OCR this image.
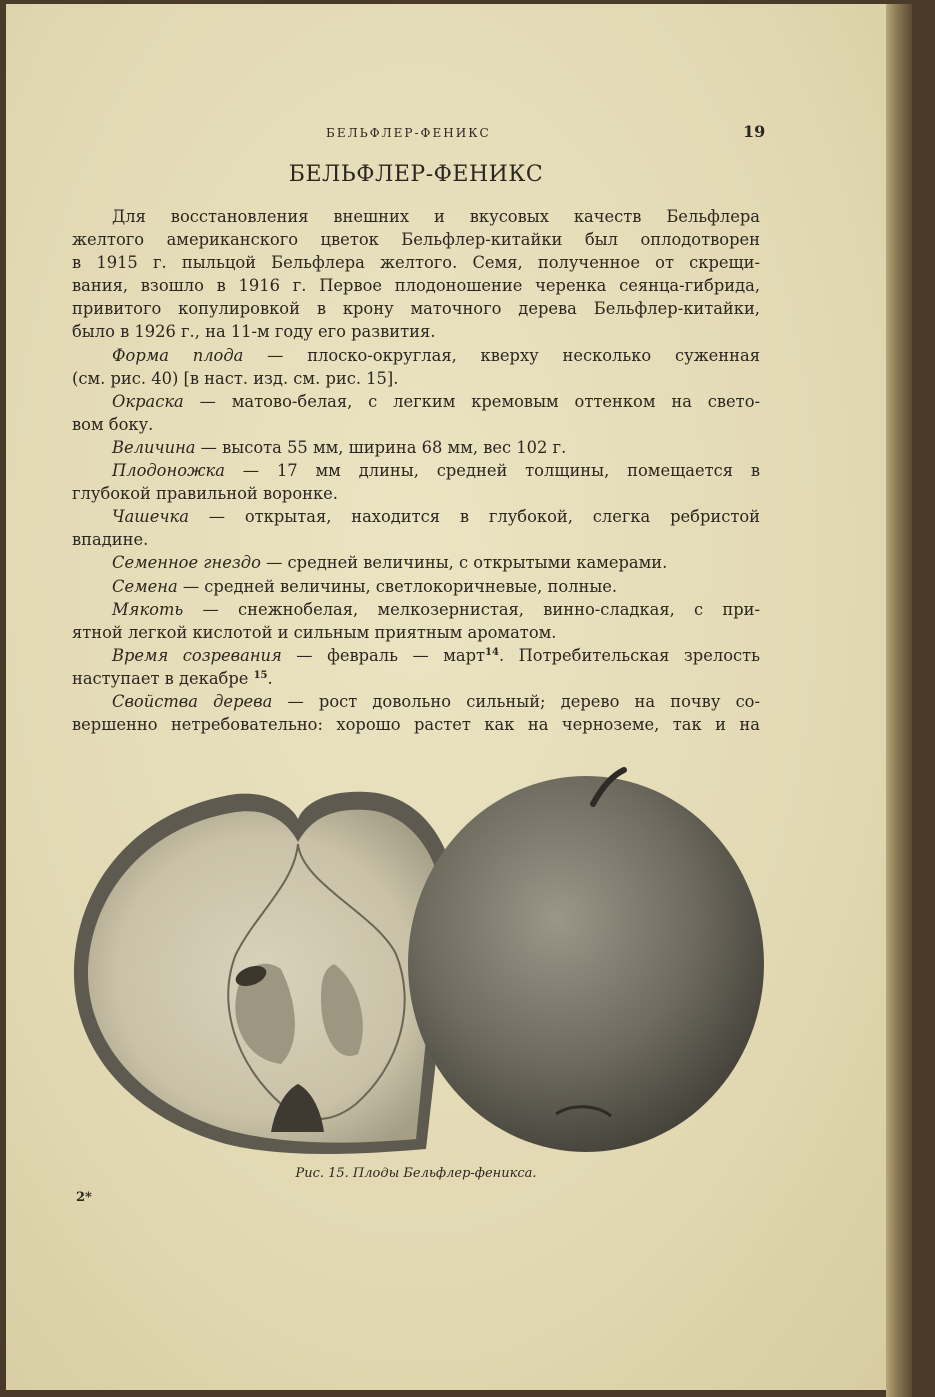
БЕЛЬФЛЕР-ФЕНИКС	19
БЕЛЬФЛЕР-ФЕНИКС
Для восстановления внешних и вкусовых качеств Бельфлера
желтого американского цветок Бельфлер-китайки был оплодотворен
в 1915 г. пыльцой Бельфлера желтого. Семя, полученное от скрещи-
вания, взошло в 1916 г. Первое плодоношение черенка сеянца-гибрида,
привитого копулировкой в крону маточного дерева Бельфлер-китайки,
было в 1926 г., на 11-м году его развития.
Форма плода — плоско-округлая, кверху несколько суженная
(см. рис. 40) [в наст. изд. см. рис. 15].
Окраска — матово-белая, с легким кремовым оттенком на свето-
вом боку.
Величина — высота 55 мм, ширина 68 мм, вес 102 г.
Плодоножка — 17 мм длины, средней толщины, помещается в
глубокой правильной воронке.
Чашечка — открытая, находится в глубокой, слегка ребристой
впадине.
Семенное гнездо — средней величины, с открытыми камерами.
Семена — средней величины, светлокоричневые, полные.
Мякоть — снежнобелая, мелкозернистая, винно-сладкая, с при-
ятной легкой кислотой и сильным приятным ароматом.
Время созревания — февраль — март$^{14}$. Потребительская зрелость
наступает в декабре $^{15}$.
Свойства дерева — рост довольно сильный; дерево на почву со-
вершенно нетребовательно: хорошо растет как на черноземе, так и на
Рис. 15. Плоды Бельфлер-феникса.
2*
